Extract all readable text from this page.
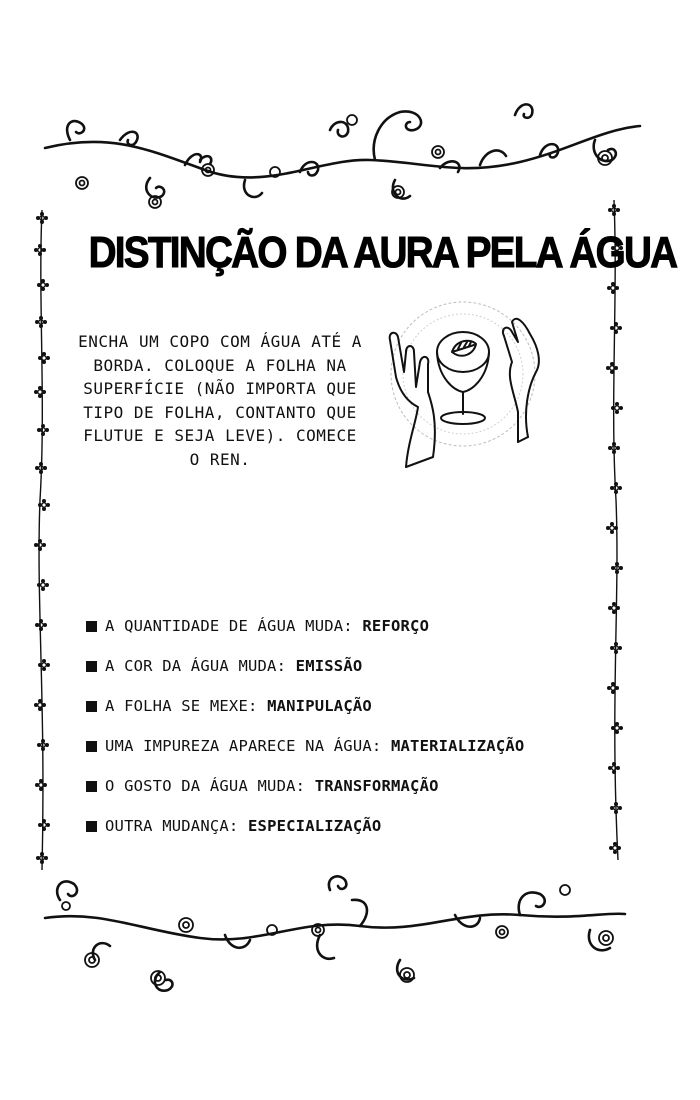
DISTINÇÃO DA AURA PELA ÁGUA
ENCHA UM COPO COM ÁGUA ATÉ A
BORDA. COLOQUE A FOLHA NA
SUPERFÍCIE (NÃO IMPORTA QUE
TIPO DE FOLHA, CONTANTO QUE
FLUTUE E SEJA LEVE). COMECE
O REN.
A QUANTIDADE DE ÁGUA MUDA:
REFORÇO
A COR DA ÁGUA MUDA:
EMISSÃO
A FOLHA SE MEXE:
MANIPULAÇÃO
UMA IMPUREZA APARECE NA ÁGUA:
MATERIALIZAÇÃO
O GOSTO DA ÁGUA MUDA:
TRANSFORMAÇÃO
OUTRA MUDANÇA:
ESPECIALIZAÇÃO
